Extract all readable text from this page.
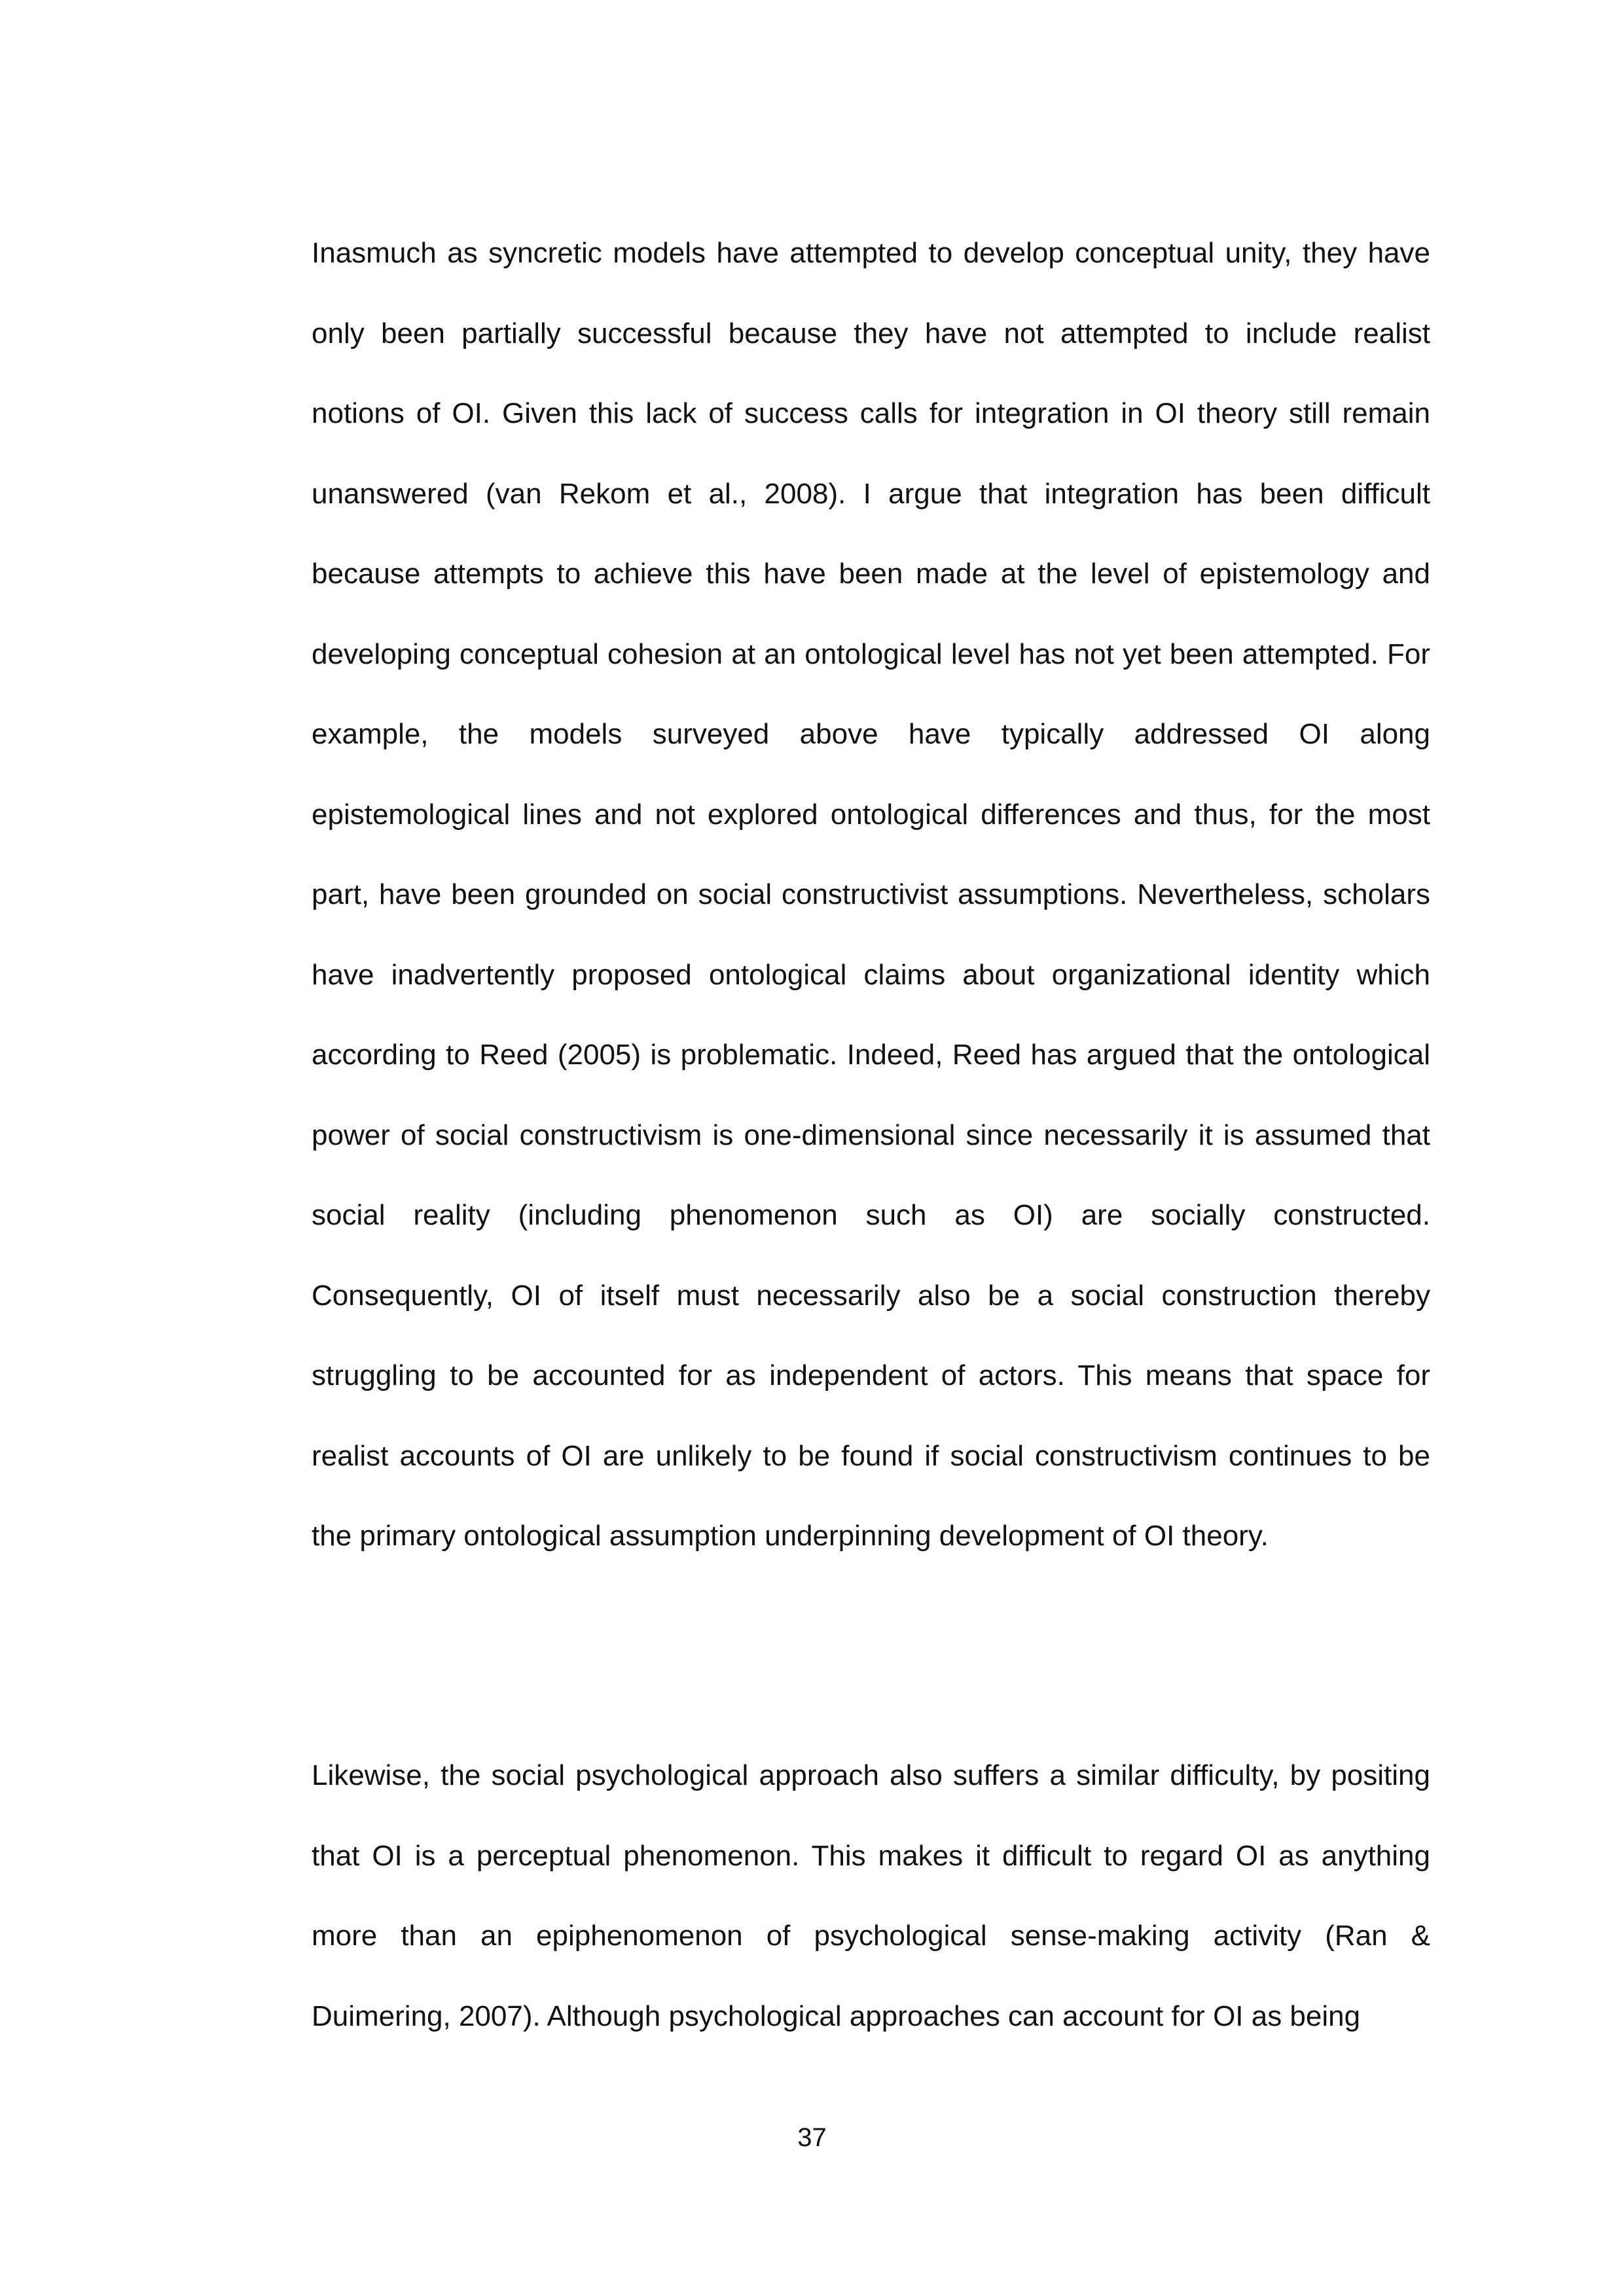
Inasmuch as syncretic models have attempted to develop conceptual unity, they have only been partially successful because they have not attempted to include realist notions of OI. Given this lack of success calls for integration in OI theory still remain unanswered (van Rekom et al., 2008). I argue that integration has been difficult because attempts to achieve this have been made at the level of epistemology and developing conceptual cohesion at an ontological level has not yet been attempted. For example, the models surveyed above have typically addressed OI along epistemological lines and not explored ontological differences and thus, for the most part, have been grounded on social constructivist assumptions. Nevertheless, scholars have inadvertently proposed ontological claims about organizational identity which according to Reed (2005) is problematic. Indeed, Reed has argued that the ontological power of social constructivism is one-dimensional since necessarily it is assumed that social reality (including phenomenon such as OI) are socially constructed. Consequently, OI of itself must necessarily also be a social construction thereby struggling to be accounted for as independent of actors. This means that space for realist accounts of OI are unlikely to be found if social constructivism continues to be the primary ontological assumption underpinning development of OI theory.

Likewise, the social psychological approach also suffers a similar difficulty, by positing that OI is a perceptual phenomenon. This makes it difficult to regard OI as anything more than an epiphenomenon of psychological sense-making activity (Ran & Duimering, 2007). Although psychological approaches can account for OI as being

37
